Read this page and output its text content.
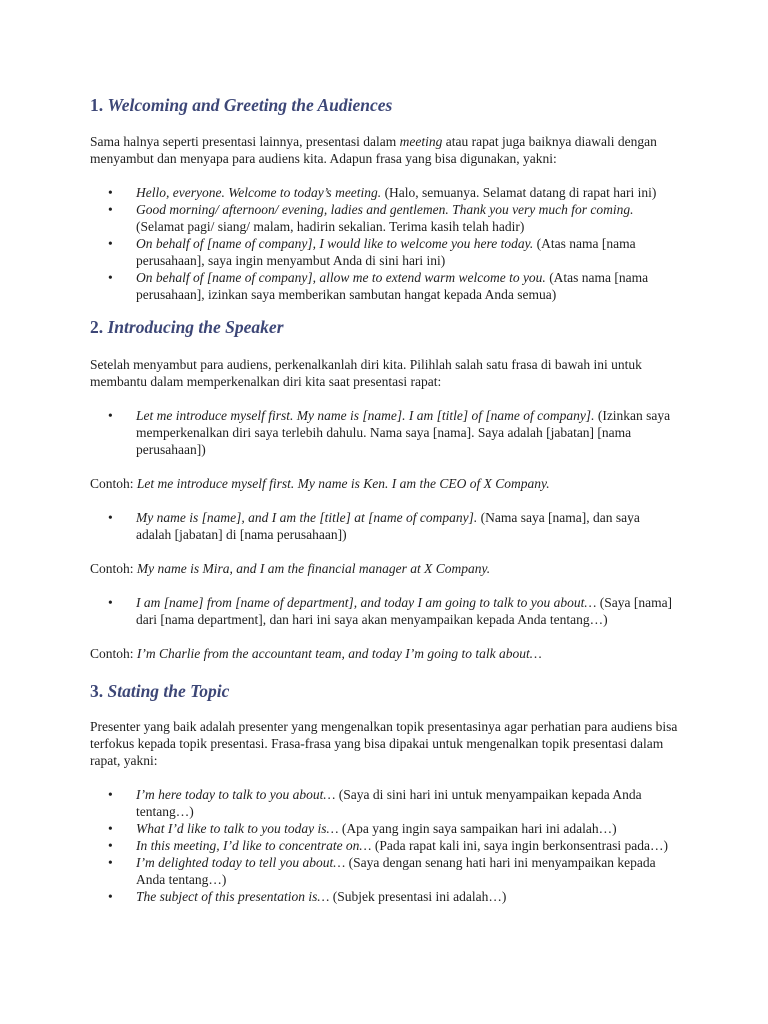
1. Welcoming and Greeting the Audiences

Sama halnya seperti presentasi lainnya, presentasi dalam meeting atau rapat juga baiknya diawali dengan menyambut dan menyapa para audiens kita. Adapun frasa yang bisa digunakan, yakni:

•	Hello, everyone. Welcome to today’s meeting. (Halo, semuanya. Selamat datang di rapat hari ini)
•	Good morning/ afternoon/ evening, ladies and gentlemen. Thank you very much for coming. (Selamat pagi/ siang/ malam, hadirin sekalian. Terima kasih telah hadir)
•	On behalf of [name of company], I would like to welcome you here today. (Atas nama [nama perusahaan], saya ingin menyambut Anda di sini hari ini)
•	On behalf of [name of company], allow me to extend warm welcome to you. (Atas nama [nama perusahaan], izinkan saya memberikan sambutan hangat kepada Anda semua)
2. Introducing the Speaker

Setelah menyambut para audiens, perkenalkanlah diri kita. Pilihlah salah satu frasa di bawah ini untuk membantu dalam memperkenalkan diri kita saat presentasi rapat:

•	Let me introduce myself first. My name is [name]. I am [title] of [name of company]. (Izinkan saya memperkenalkan diri saya terlebih dahulu. Nama saya [nama]. Saya adalah [jabatan] [nama perusahaan])

Contoh: Let me introduce myself first. My name is Ken. I am the CEO of X Company.

•	My name is [name], and I am the [title] at [name of company]. (Nama saya [nama], dan saya adalah [jabatan] di [nama perusahaan])

Contoh: My name is Mira, and I am the financial manager at X Company.

•	I am [name] from [name of department], and today I am going to talk to you about… (Saya [nama] dari [nama department], dan hari ini saya akan menyampaikan kepada Anda tentang…)

Contoh: I’m Charlie from the accountant team, and today I’m going to talk about…

3. Stating the Topic

Presenter yang baik adalah presenter yang mengenalkan topik presentasinya agar perhatian para audiens bisa terfokus kepada topik presentasi. Frasa-frasa yang bisa dipakai untuk mengenalkan topik presentasi dalam rapat, yakni:

•	I’m here today to talk to you about… (Saya di sini hari ini untuk menyampaikan kepada Anda tentang…)
•	What I’d like to talk to you today is… (Apa yang ingin saya sampaikan hari ini adalah…)
•	In this meeting, I’d like to concentrate on… (Pada rapat kali ini, saya ingin berkonsentrasi pada…)
•	I’m delighted today to tell you about… (Saya dengan senang hati hari ini menyampaikan kepada Anda tentang…)
•	The subject of this presentation is… (Subjek presentasi ini adalah…)
